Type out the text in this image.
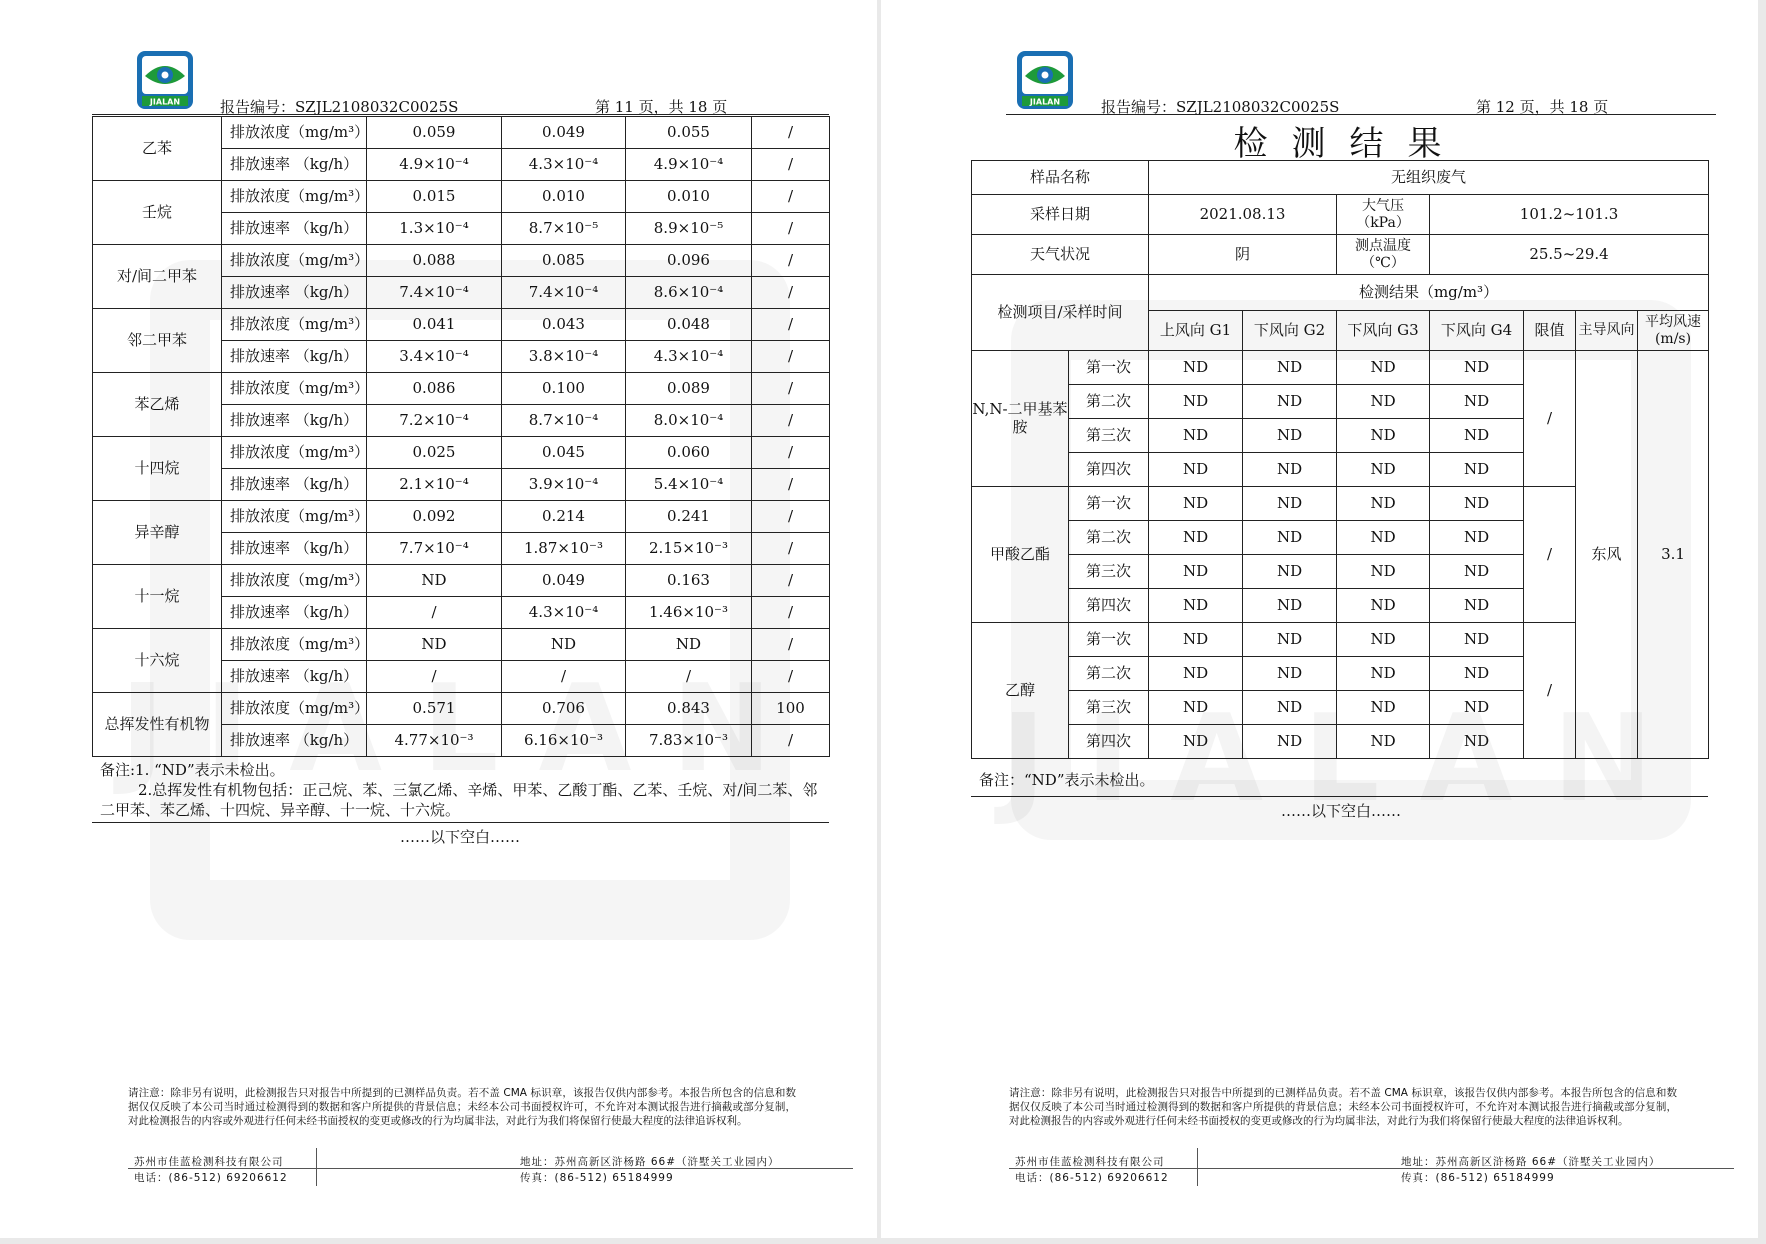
JIALAN	报告编号：SZJL2108032C0025S	第 11 页，共 18 页
乙苯	排放浓度（mg/m³）	0.059	0.049	0.055	/
	排放速率 （kg/h）	4.9×10⁻⁴	4.3×10⁻⁴	4.9×10⁻⁴	/
壬烷	排放浓度（mg/m³）	0.015	0.010	0.010	/
	排放速率 （kg/h）	1.3×10⁻⁴	8.7×10⁻⁵	8.9×10⁻⁵	/
对/间二甲苯	排放浓度（mg/m³）	0.088	0.085	0.096	/
	排放速率 （kg/h）	7.4×10⁻⁴	7.4×10⁻⁴	8.6×10⁻⁴	/
邻二甲苯	排放浓度（mg/m³）	0.041	0.043	0.048	/
	排放速率 （kg/h）	3.4×10⁻⁴	3.8×10⁻⁴	4.3×10⁻⁴	/
苯乙烯	排放浓度（mg/m³）	0.086	0.100	0.089	/
	排放速率 （kg/h）	7.2×10⁻⁴	8.7×10⁻⁴	8.0×10⁻⁴	/
十四烷	排放浓度（mg/m³）	0.025	0.045	0.060	/
	排放速率 （kg/h）	2.1×10⁻⁴	3.9×10⁻⁴	5.4×10⁻⁴	/
异辛醇	排放浓度（mg/m³）	0.092	0.214	0.241	/
	排放速率 （kg/h）	7.7×10⁻⁴	1.87×10⁻³	2.15×10⁻³	/
十一烷	排放浓度（mg/m³）	ND	0.049	0.163	/
	排放速率 （kg/h）	/	4.3×10⁻⁴	1.46×10⁻³	/
十六烷	排放浓度（mg/m³）	ND	ND	ND	/
	排放速率 （kg/h）	/	/	/	/
总挥发性有机物	排放浓度（mg/m³）	0.571	0.706	0.843	100
	排放速率 （kg/h）	4.77×10⁻³	6.16×10⁻³	7.83×10⁻³	/
备注:1. “ND”表示未检出。
2.总挥发性有机物包括：正己烷、苯、三氯乙烯、辛烯、甲苯、乙酸丁酯、乙苯、壬烷、对/间二苯、邻
二甲苯、苯乙烯、十四烷、异辛醇、十一烷、十六烷。
……以下空白……
请注意：除非另有说明，此检测报告只对报告中所提到的已测样品负责。若不盖 CMA 标识章，该报告仅供内部参考。本报告所包含的信息和数据仅仅反映了本公司当时通过检测得到的数据和客户所提供的背景信息；未经本公司书面授权许可，不允许对本测试报告进行摘截或部分复制，对此检测报告的内容或外观进行任何未经书面授权的变更或修改的行为均属非法，对此行为我们将保留行使最大程度的法律追诉权利。
苏州市佳蓝检测科技有限公司
电话：(86-512) 69206612
地址：苏州高新区浒杨路 66#（浒墅关工业园内）
传真：(86-512) 65184999
JIALAN	报告编号：SZJL2108032C0025S	第 12 页，共 18 页
检测结果
样品名称		无组织废气						
采样日期		2021.08.13		大气压（kPa）	101.2~101.3			
天气状况		阴		测点温度（℃）	25.5~29.4			
检测项目/采样时间		检测结果（mg/m³）						
		上风向 G1	下风向 G2	下风向 G3	下风向 G4	限值	主导风向	平均风速(m/s)
N,N-二甲基苯胺	第一次	ND	ND	ND	ND	/	东风	3.1
	第二次	ND	ND	ND	ND			
	第三次	ND	ND	ND	ND			
	第四次	ND	ND	ND	ND			
甲酸乙酯	第一次	ND	ND	ND	ND	/		
	第二次	ND	ND	ND	ND			
	第三次	ND	ND	ND	ND			
	第四次	ND	ND	ND	ND			
乙醇	第一次	ND	ND	ND	ND	/		
	第二次	ND	ND	ND	ND			
	第三次	ND	ND	ND	ND			
	第四次	ND	ND	ND	ND			
备注：“ND”表示未检出。
……以下空白……
请注意：除非另有说明，此检测报告只对报告中所提到的已测样品负责。若不盖 CMA 标识章，该报告仅供内部参考。本报告所包含的信息和数据仅仅反映了本公司当时通过检测得到的数据和客户所提供的背景信息；未经本公司书面授权许可，不允许对本测试报告进行摘截或部分复制，对此检测报告的内容或外观进行任何未经书面授权的变更或修改的行为均属非法，对此行为我们将保留行使最大程度的法律追诉权利。
苏州市佳蓝检测科技有限公司
电话：(86-512) 69206612
地址：苏州高新区浒杨路 66#（浒墅关工业园内）
传真：(86-512) 65184999
